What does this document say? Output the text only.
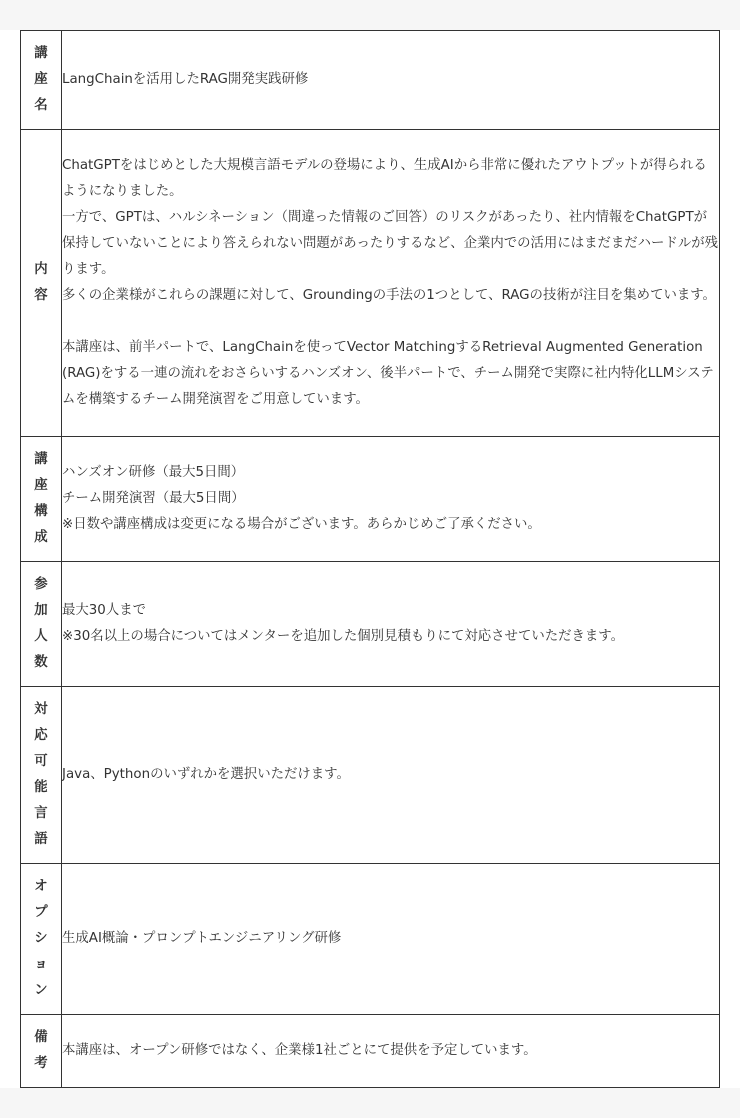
講座名	LangChainを活用したRAG開発実践研修

内容	ChatGPTをはじめとした大規模言語モデルの登場により、生成AIから非常に優れたアウトプットが得られるようになりました。

一方で、GPTは、ハルシネーション（間違った情報のご回答）のリスクがあったり、社内情報をChatGPTが保持していないことにより答えられない問題があったりするなど、企業内での活用にはまだまだハードルが残ります。

多くの企業様がこれらの課題に対して、Groundingの手法の1つとして、RAGの技術が注目を集めています。

本講座は、前半パートで、LangChainを使ってVector MatchingするRetrieval Augmented Generation (RAG)をする一連の流れをおさらいするハンズオン、後半パートで、チーム開発で実際に社内特化LLMシステムを構築するチーム開発演習をご用意しています。

講座構成	ハンズオン研修（最大5日間）

チーム開発演習（最大5日間）

※日数や講座構成は変更になる場合がございます。あらかじめご了承ください。

参加人数	最大30人まで

※30名以上の場合についてはメンターを追加した個別見積もりにて対応させていただきます。

対応可能言語	Java、Pythonのいずれかを選択いただけます。

オプション	生成AI概論・プロンプトエンジニアリング研修

備考	本講座は、オープン研修ではなく、企業様1社ごとにて提供を予定しています。
